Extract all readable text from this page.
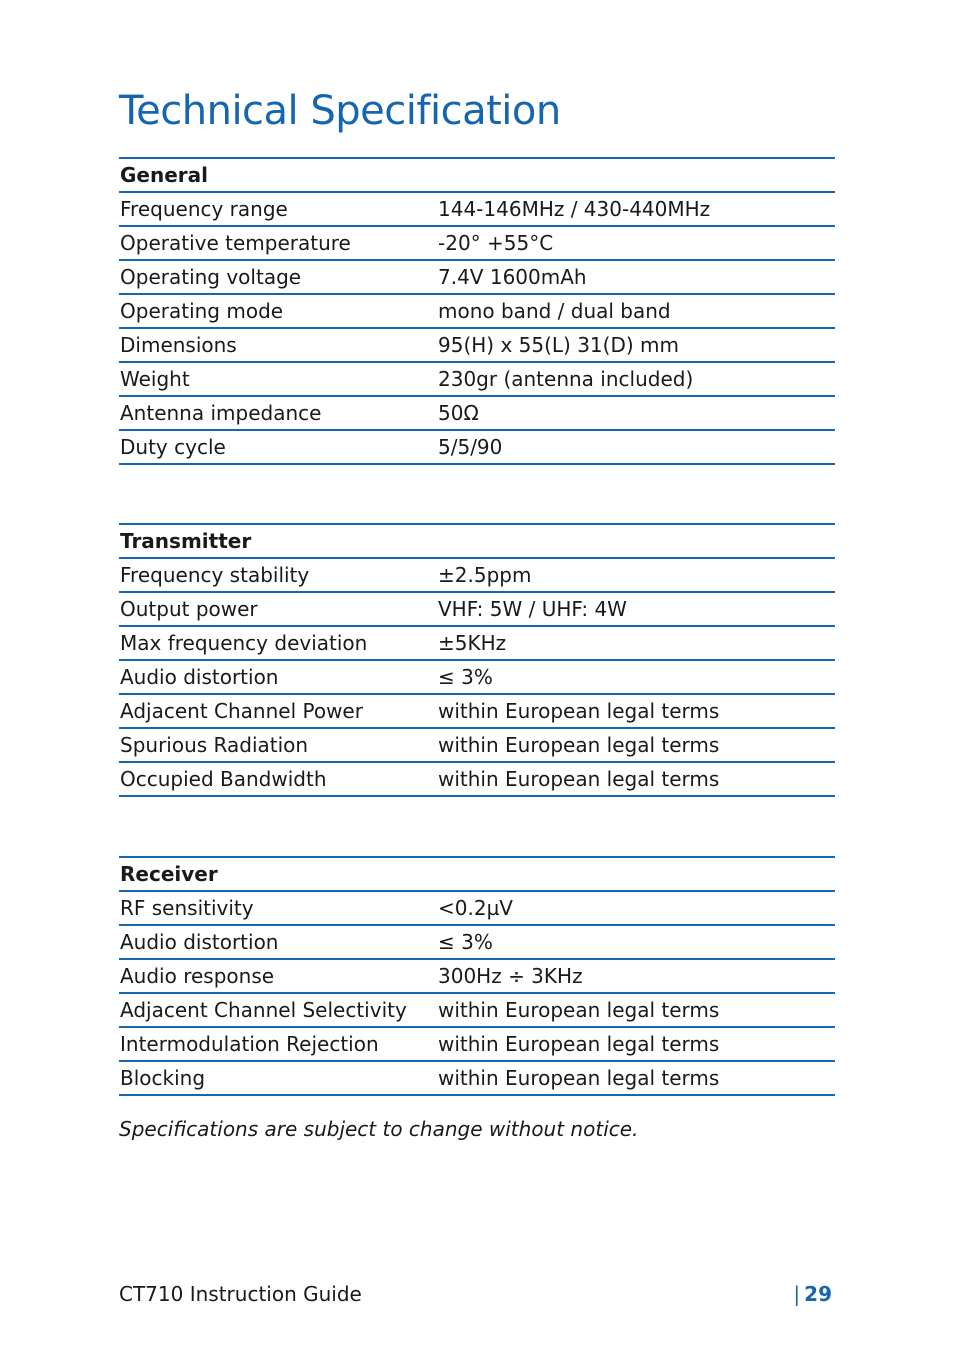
Technical Specification
General	
Frequency range	144-146MHz / 430-440MHz
Operative temperature	-20° +55°C
Operating voltage	7.4V 1600mAh
Operating mode	mono band / dual band
Dimensions	95(H) x 55(L) 31(D) mm
Weight	230gr (antenna included)
Antenna impedance	50Ω
Duty cycle	5/5/90
Transmitter	
Frequency stability	±2.5ppm
Output power	VHF: 5W / UHF: 4W
Max frequency deviation	±5KHz
Audio distortion	≤ 3%
Adjacent Channel Power	within European legal terms
Spurious Radiation	within European legal terms
Occupied Bandwidth	within European legal terms
Receiver	
RF sensitivity	<0.2µV
Audio distortion	≤ 3%
Audio response	300Hz ÷ 3KHz
Adjacent Channel Selectivity	within European legal terms
Intermodulation Rejection	within European legal terms
Blocking	within European legal terms

Specifications are subject to change without notice.

CT710 Instruction Guide	| 29
